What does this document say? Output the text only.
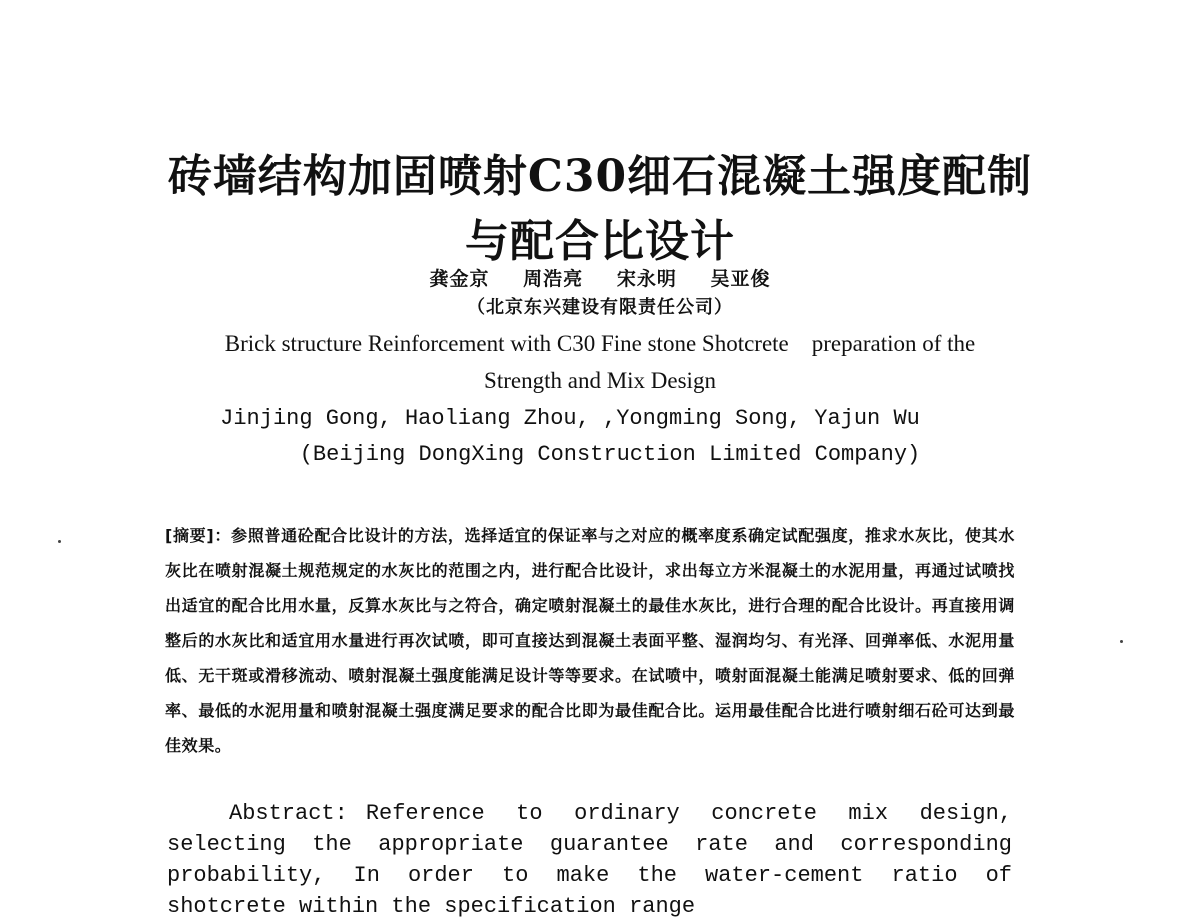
砖墙结构加固喷射C30细石混凝土强度配制
与配合比设计
龚金京 周浩亮 宋永明 吴亚俊
（北京东兴建设有限责任公司）
Brick structure Reinforcement with C30 Fine stone Shotcrete    preparation of the
Strength and Mix Design
Jinjing Gong, Haoliang Zhou, ,Yongming Song, Yajun Wu
(Beijing DongXing Construction Limited Company)
[摘要]：参照普通砼配合比设计的方法，选择适宜的保证率与之对应的概率度系确定试配强度，推求水灰比，使其水灰比在喷射混凝土规范规定的水灰比的范围之内，进行配合比设计，求出每立方米混凝土的水泥用量，再通过试喷找出适宜的配合比用水量，反算水灰比与之符合，确定喷射混凝土的最佳水灰比，进行合理的配合比设计。再直接用调整后的水灰比和适宜用水量进行再次试喷，即可直接达到混凝土表面平整、湿润均匀、有光泽、回弹率低、水泥用量低、无干斑或滑移流动、喷射混凝土强度能满足设计等等要求。在试喷中，喷射面混凝土能满足喷射要求、低的回弹率、最低的水泥用量和喷射混凝土强度满足要求的配合比即为最佳配合比。运用最佳配合比进行喷射细石砼可达到最佳效果。
Abstract: Reference to ordinary concrete mix design, selecting the appropriate guarantee rate and corresponding probability, In order to make the water-cement ratio of shotcrete within the specification range
